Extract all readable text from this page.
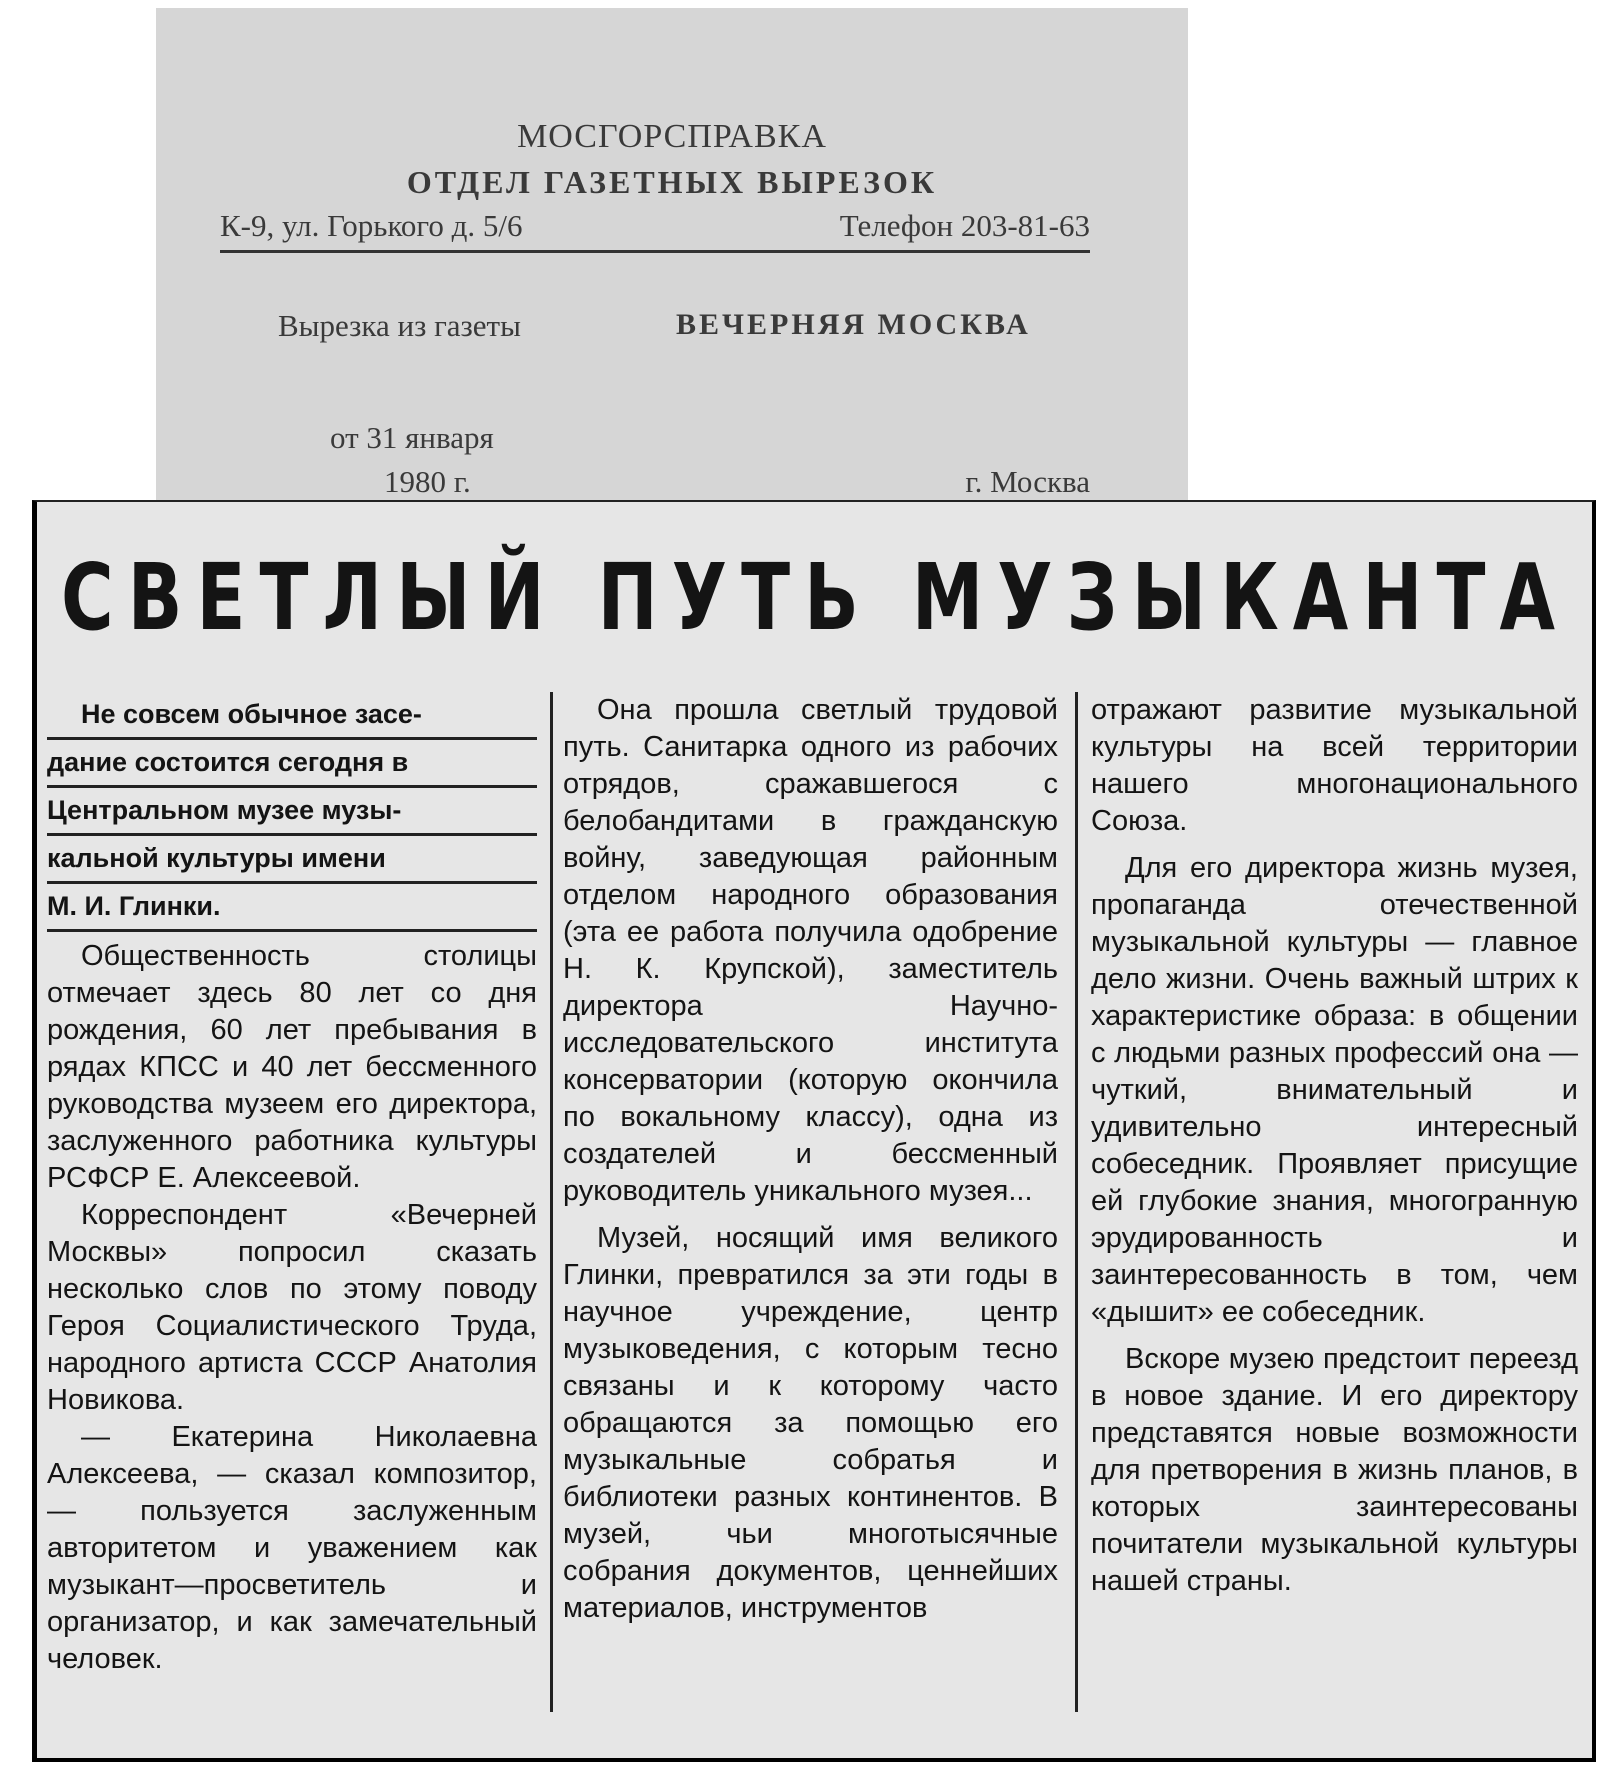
МОСГОРСПРАВКА
ОТДЕЛ ГАЗЕТНЫХ ВЫРЕЗОК
К-9, ул. Горького д. 5/6	Телефон 203-81-63
Вырезка из газеты	ВЕЧЕРНЯЯ МОСКВА
от 31 января
1980 г.	г. Москва
СВЕТЛЫЙ ПУТЬ МУЗЫКАНТА
Не совсем обычное засе-
дание состоится сегодня в
Центральном музее музы-
кальной культуры имени
М. И. Глинки.

Общественность столицы отмечает здесь 80 лет со дня рождения, 60 лет пребывания в рядах КПСС и 40 лет бессменного руководства музеем его директора, заслуженного работника культуры РСФСР Е. Алексеевой.

Корреспондент «Вечерней Москвы» попросил сказать несколько слов по этому поводу Героя Социалистического Труда, народного артиста СССР Анатолия Новикова.

— Екатерина Николаевна Алексеева, — сказал композитор, — пользуется заслуженным авторитетом и уважением как музыкант—просветитель и организатор, и как замечательный человек.

Она прошла светлый трудовой путь. Санитарка одного из рабочих отрядов, сражавшегося с белобандитами в гражданскую войну, заведующая районным отделом народного образования (эта ее работа получила одобрение Н. К. Крупской), заместитель директора Научно-исследовательского института консерватории (которую окончила по вокальному классу), одна из создателей и бессменный руководитель уникального музея...

Музей, носящий имя великого Глинки, превратился за эти годы в научное учреждение, центр музыковедения, с которым тесно связаны и к которому часто обращаются за помощью его музыкальные собратья и библиотеки разных континентов. В музей, чьи многотысячные собрания документов, ценнейших материалов, инструментов

отражают развитие музыкальной культуры на всей территории нашего многонационального Союза.

Для его директора жизнь музея, пропаганда отечественной музыкальной культуры — главное дело жизни. Очень важный штрих к характеристике образа: в общении с людьми разных профессий она — чуткий, внимательный и удивительно интересный собеседник. Проявляет присущие ей глубокие знания, многогранную эрудированность и заинтересованность в том, чем «дышит» ее собеседник.

Вскоре музею предстоит переезд в новое здание. И его директору представятся новые возможности для претворения в жизнь планов, в которых заинтересованы почитатели музыкальной культуры нашей страны.
